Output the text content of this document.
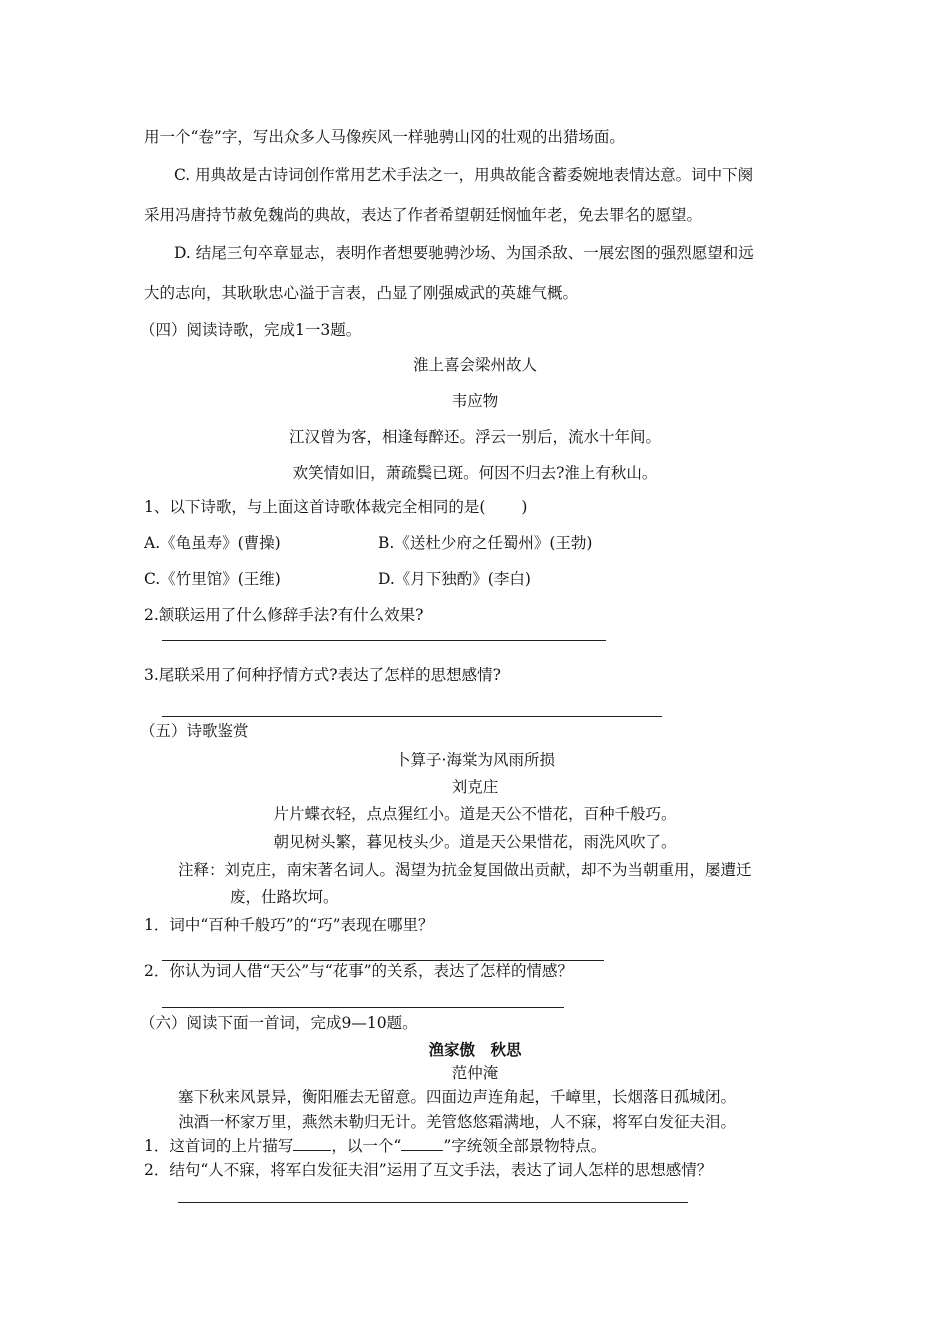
用一个“卷”字，写出众多人马像疾风一样驰骋山冈的壮观的出猎场面。
C. 用典故是古诗词创作常用艺术手法之一，用典故能含蓄委婉地表情达意。词中下阕
采用冯唐持节赦免魏尚的典故，表达了作者希望朝廷悯恤年老，免去罪名的愿望。
D. 结尾三句卒章显志，表明作者想要驰骋沙场、为国杀敌、一展宏图的强烈愿望和远
大的志向，其耿耿忠心溢于言表，凸显了刚强威武的英雄气概。
（四）阅读诗歌，完成1一3题。
淮上喜会梁州故人
韦应物
江汉曾为客，相逢每醉还。浮云一别后，流水十年间。
欢笑情如旧，萧疏鬓已斑。何因不归去?淮上有秋山。
1、以下诗歌，与上面这首诗歌体裁完全相同的是(　　 )
A.《龟虽寿》(曹操)	B.《送杜少府之任蜀州》(王勃)
C.《竹里馆》(王维)	D.《月下独酌》(李白)
2.颔联运用了什么修辞手法?有什么效果?
3.尾联采用了何种抒情方式?表达了怎样的思想感情?
（五）诗歌鉴赏
卜算子·海棠为风雨所损
刘克庄
片片蝶衣轻，点点猩红小。道是天公不惜花，百种千般巧。
朝见树头繁，暮见枝头少。道是天公果惜花，雨洗风吹了。
注释：刘克庄，南宋著名词人。渴望为抗金复国做出贡献，却不为当朝重用，屡遭迁
废，仕路坎坷。
1．词中“百种千般巧”的“巧”表现在哪里？
2．你认为词人借“天公”与“花事”的关系，表达了怎样的情感？
（六）阅读下面一首词，完成9—10题。
渔家傲　秋思
范仲淹
塞下秋来风景异，衡阳雁去无留意。四面边声连角起，千嶂里，长烟落日孤城闭。
浊酒一杯家万里，燕然未勒归无计。羌管悠悠霜满地，人不寐，将军白发征夫泪。
1．这首词的上片描写 ，以一个“	”字统领全部景物特点。
2．结句“人不寐，将军白发征夫泪”运用了互文手法，表达了词人怎样的思想感情？
